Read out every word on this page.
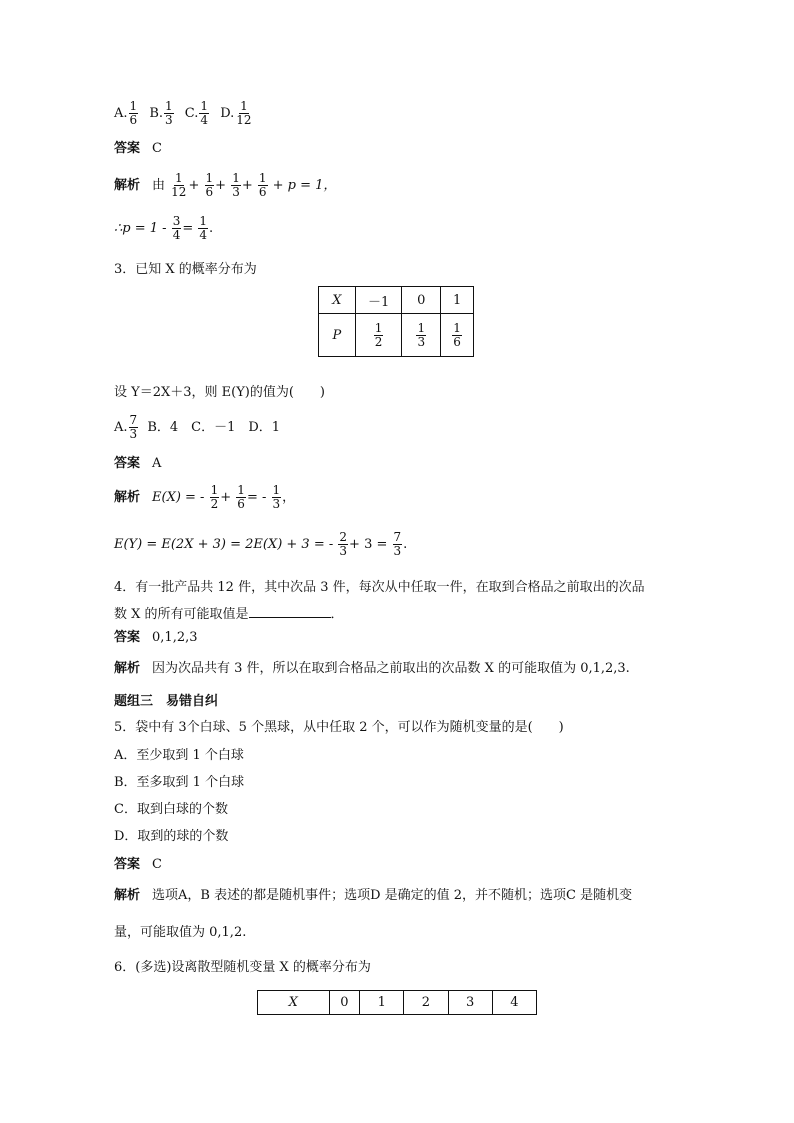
A. $\frac{1}{6} B$. $\frac{1}{3} C$. $\frac{1}{4} D$. $\frac{1}{12}$
答案 C
解析 由 $\frac{1}{12} + \frac{1}{6} + \frac{1}{3} + \frac{1}{6} + p = 1$，
∴p = $1 - \frac{3}{4} = \frac{1}{4}$ .
3．已知 X 的概率分布为
X	－1	0	1
P	$\frac{1}{2}$	$\frac{1}{3}$	$\frac{1}{6}$
设 Y＝2X＋3，则 E(Y)的值为(　　)
A. $\frac{7}{3}$ B．4　C．－1　D．1
答案 A
解析 E(X) = - $\frac{1}{2} + \frac{1}{6}$ = - $\frac{1}{3}$ ，
E(Y) = E(2X + 3) = 2E(X) + 3 = - $\frac{2}{3} + 3 = \frac{7}{3}$ .
4．有一批产品共 12 件，其中次品 3 件，每次从中任取一件，在取到合格品之前取出的次品
数 X 的所有可能取值是	．
答案 0,1,2,3
解析 因为次品共有 3 件，所以在取到合格品之前取出的次品数 X 的可能取值为 0,1,2,3.
题组三　易错自纠
5．袋中有 3个白球、5 个黑球，从中任取 2 个，可以作为随机变量的是(　　)
A．至少取到 1 个白球
B．至多取到 1 个白球
C．取到白球的个数
D．取到的球的个数
答案 C
解析 选项A，B 表述的都是随机事件；选项D 是确定的值 2，并不随机；选项C 是随机变
量，可能取值为 0,1,2.
6．(多选)设离散型随机变量 X 的概率分布为
X	0	1	2	3	4
